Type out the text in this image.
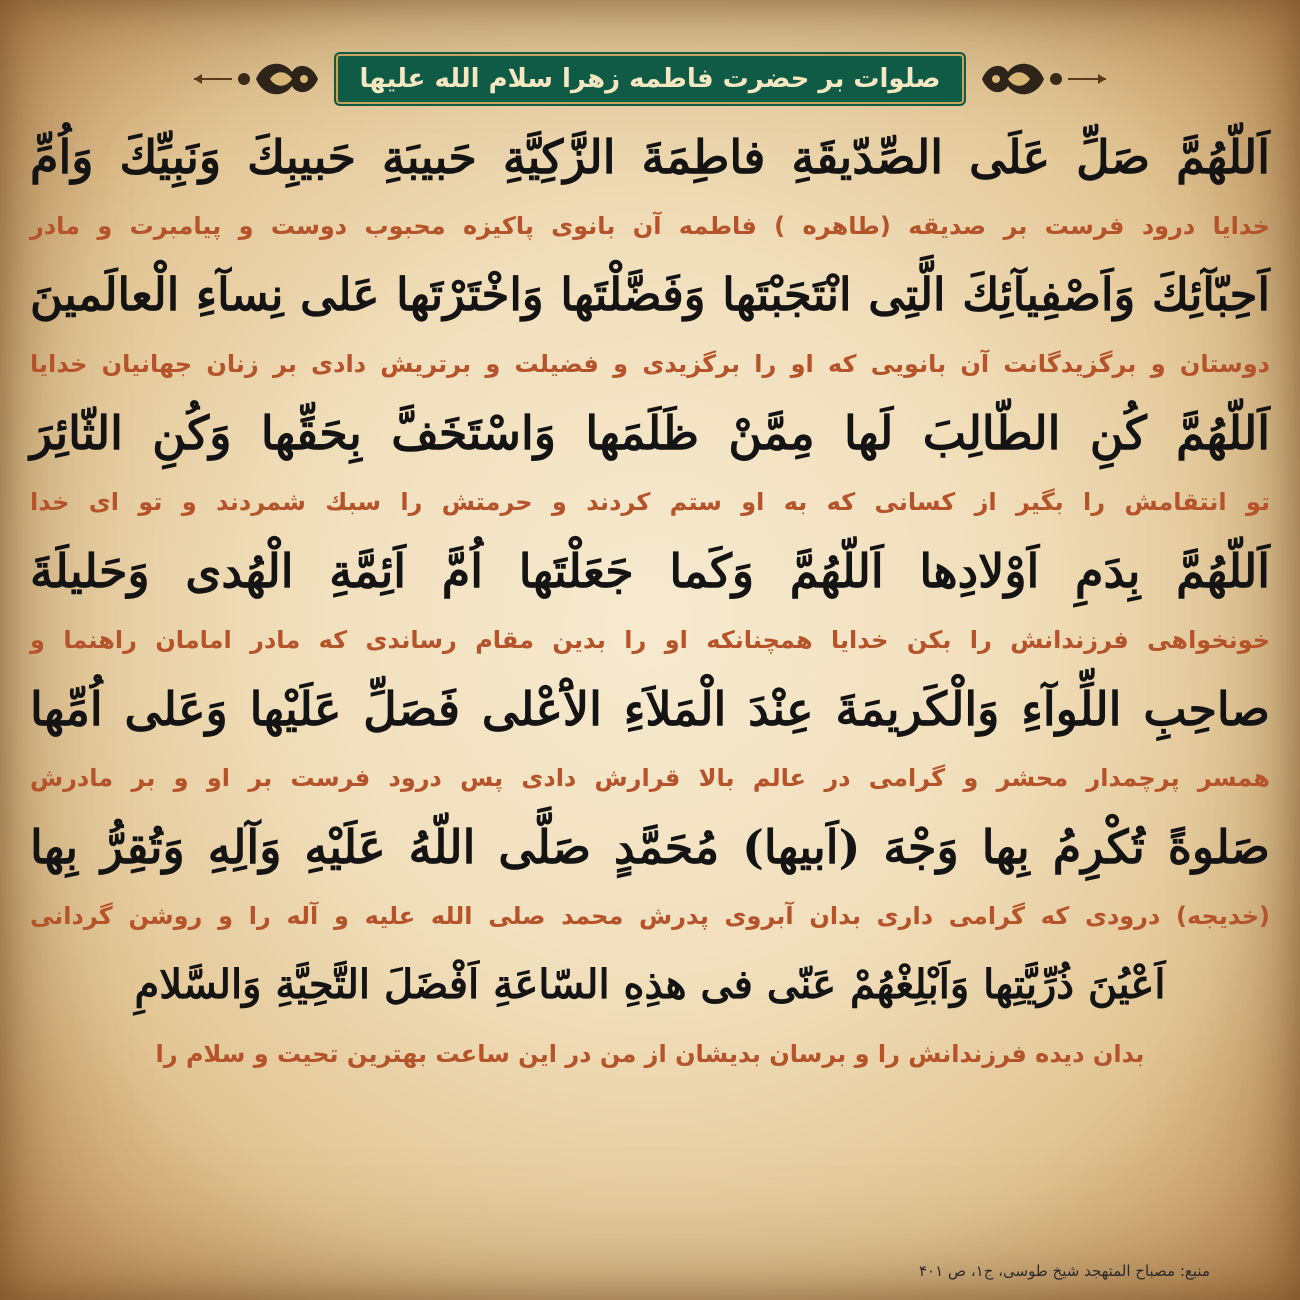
صلوات بر حضرت فاطمه زهرا سلام الله علیها

اَللّهُمَّ صَلِّ عَلَى الصِّدّيقَةِ فاطِمَةَ الزَّكِيَّةِ حَبيبَةِ حَبيبِكَ وَنَبِيِّكَ وَاُمِّ

خدایا درود فرست بر صدیقه (طاهره ) فاطمه آن بانوی پاکیزه محبوب دوست و پیامبرت و مادر

اَحِبّآئِكَ وَاَصْفِيآئِكَ الَّتِى انْتَجَبْتَها وَفَضَّلْتَها وَاخْتَرْتَها عَلى نِسآءِ الْعالَمينَ

دوستان و برگزیدگانت آن بانویی که او را برگزیدی و فضیلت و برتریش دادی بر زنان جهانیان خدایا

اَللّهُمَّ كُنِ الطّالِبَ لَها مِمَّنْ ظَلَمَها وَاسْتَخَفَّ بِحَقِّها وَكُنِ الثّائِرَ

تو انتقامش را بگیر از کسانی که به او ستم کردند و حرمتش را سبك شمردند و تو ای خدا

اَللّهُمَّ بِدَمِ اَوْلادِها اَللّهُمَّ وَكَما جَعَلْتَها اُمَّ اَئِمَّةِ الْهُدى وَحَليلَةَ

خونخواهی فرزندانش را بکن خدایا همچنانکه او را بدین مقام رساندی که مادر امامان راهنما و

صاحِبِ اللِّوآءِ وَالْكَريمَةَ عِنْدَ الْمَلاَءِ الاَْعْلى فَصَلِّ عَلَيْها وَعَلى اُمِّها

همسر پرچمدار محشر و گرامی در عالم بالا قرارش دادی پس درود فرست بر او و بر مادرش

صَلوةً تُكْرِمُ بِها وَجْهَ (اَبيها) مُحَمَّدٍ صَلَّى اللّهُ عَلَيْهِ وَآلِهِ وَتُقِرُّ بِها

(خدیجه) درودی که گرامی داری بدان آبروی پدرش محمد صلی الله علیه و آله را و روشن گردانی

اَعْيُنَ ذُرِّيَّتِها وَاَبْلِغْهُمْ عَنّى فى هذِهِ السّاعَةِ اَفْضَلَ التَّحِيَّةِ وَالسَّلامِ

بدان دیده فرزندانش را و برسان بدیشان از من در این ساعت بهترین تحیت و سلام را

منبع: مصباح المتهجد شیخ طوسی، ج۱، ص ۴۰۱
